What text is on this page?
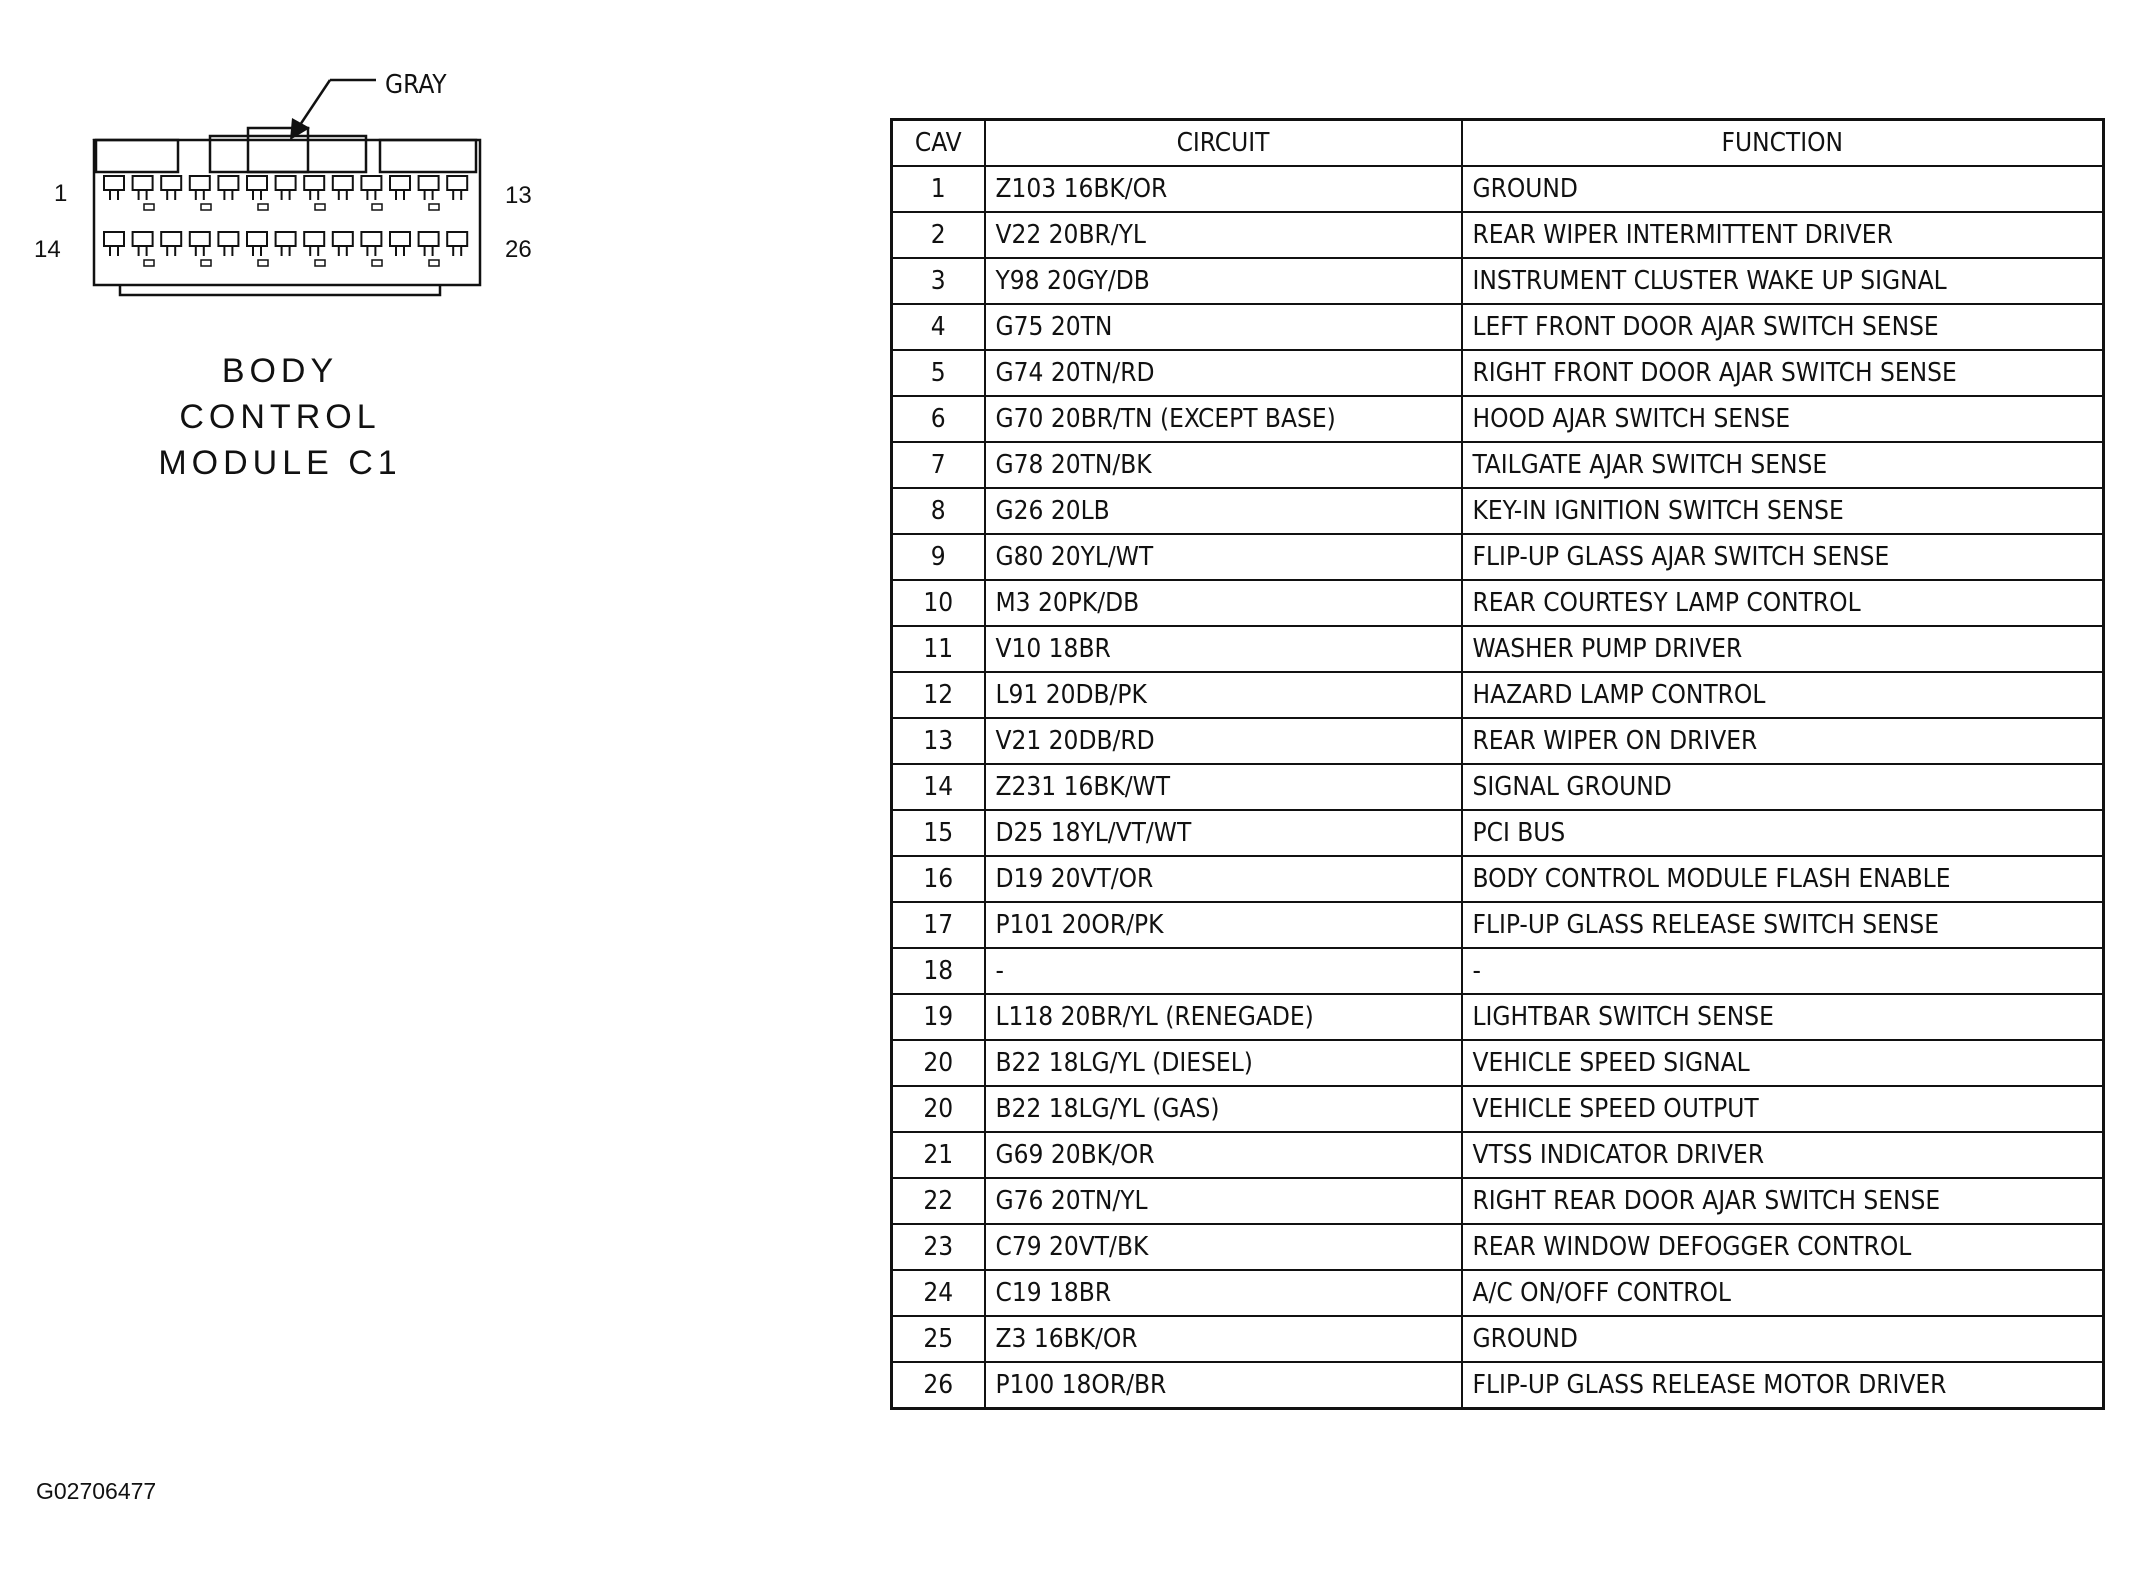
GRAY
1	13
14	26
BODY
CONTROL
MODULE C1
CAV	CIRCUIT	FUNCTION
1	Z103 16BK/OR	GROUND
2	V22 20BR/YL	REAR WIPER INTERMITTENT DRIVER
3	Y98 20GY/DB	INSTRUMENT CLUSTER WAKE UP SIGNAL
4	G75 20TN	LEFT FRONT DOOR AJAR SWITCH SENSE
5	G74 20TN/RD	RIGHT FRONT DOOR AJAR SWITCH SENSE
6	G70 20BR/TN (EXCEPT BASE)	HOOD AJAR SWITCH SENSE
7	G78 20TN/BK	TAILGATE AJAR SWITCH SENSE
8	G26 20LB	KEY-IN IGNITION SWITCH SENSE
9	G80 20YL/WT	FLIP-UP GLASS AJAR SWITCH SENSE
10	M3 20PK/DB	REAR COURTESY LAMP CONTROL
11	V10 18BR	WASHER PUMP DRIVER
12	L91 20DB/PK	HAZARD LAMP CONTROL
13	V21 20DB/RD	REAR WIPER ON DRIVER
14	Z231 16BK/WT	SIGNAL GROUND
15	D25 18YL/VT/WT	PCI BUS
16	D19 20VT/OR	BODY CONTROL MODULE FLASH ENABLE
17	P101 20OR/PK	FLIP-UP GLASS RELEASE SWITCH SENSE
18	-	-
19	L118 20BR/YL (RENEGADE)	LIGHTBAR SWITCH SENSE
20	B22 18LG/YL (DIESEL)	VEHICLE SPEED SIGNAL
20	B22 18LG/YL (GAS)	VEHICLE SPEED OUTPUT
21	G69 20BK/OR	VTSS INDICATOR DRIVER
22	G76 20TN/YL	RIGHT REAR DOOR AJAR SWITCH SENSE
23	C79 20VT/BK	REAR WINDOW DEFOGGER CONTROL
24	C19 18BR	A/C ON/OFF CONTROL
25	Z3 16BK/OR	GROUND
26	P100 18OR/BR	FLIP-UP GLASS RELEASE MOTOR DRIVER
G02706477
